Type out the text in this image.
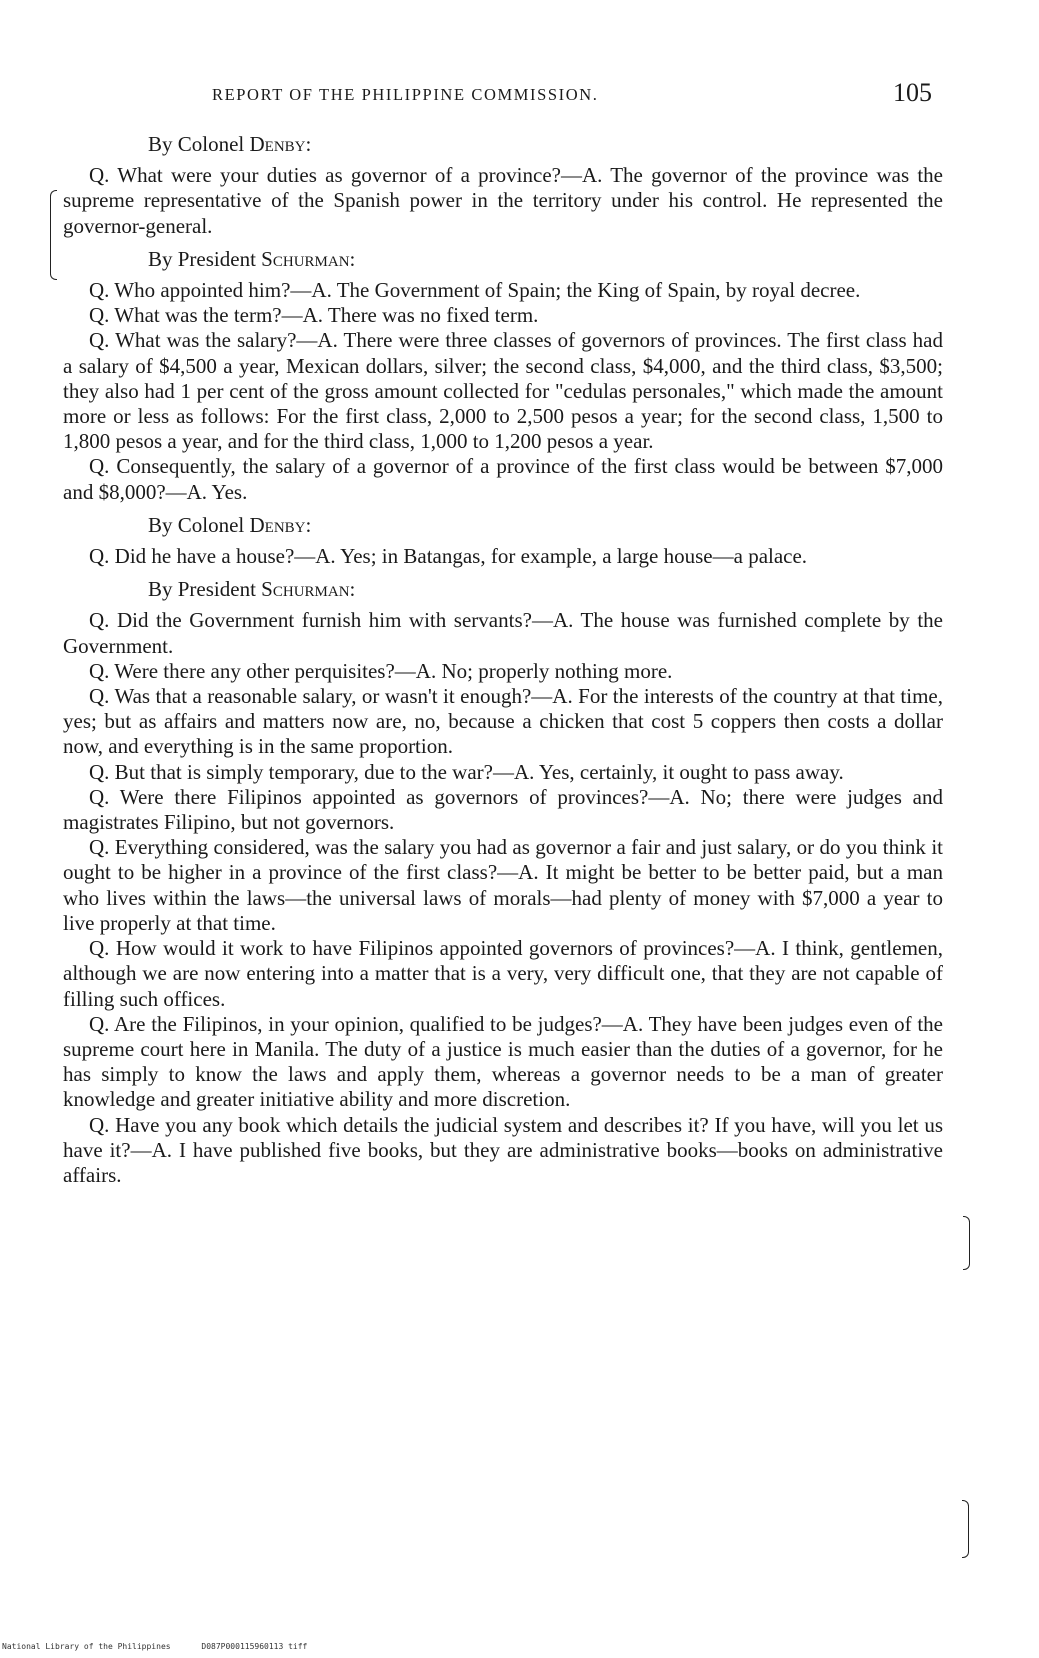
REPORT OF THE PHILIPPINE COMMISSION.	105

By Colonel Denby:

Q. What were your duties as governor of a province?—A. The governor of the province was the supreme representative of the Spanish power in the territory under his control. He represented the governor-general.

By President Schurman:

Q. Who appointed him?—A. The Government of Spain; the King of Spain, by royal decree.

Q. What was the term?—A. There was no fixed term.

Q. What was the salary?—A. There were three classes of governors of provinces. The first class had a salary of $4,500 a year, Mexican dollars, silver; the second class, $4,000, and the third class, $3,500; they also had 1 per cent of the gross amount collected for "cedulas personales," which made the amount more or less as follows: For the first class, 2,000 to 2,500 pesos a year; for the second class, 1,500 to 1,800 pesos a year, and for the third class, 1,000 to 1,200 pesos a year.

Q. Consequently, the salary of a governor of a province of the first class would be between $7,000 and $8,000?—A. Yes.

By Colonel Denby:

Q. Did he have a house?—A. Yes; in Batangas, for example, a large house—a palace.

By President Schurman:

Q. Did the Government furnish him with servants?—A. The house was furnished complete by the Government.

Q. Were there any other perquisites?—A. No; properly nothing more.

Q. Was that a reasonable salary, or wasn't it enough?—A. For the interests of the country at that time, yes; but as affairs and matters now are, no, because a chicken that cost 5 coppers then costs a dollar now, and everything is in the same proportion.

Q. But that is simply temporary, due to the war?—A. Yes, certainly, it ought to pass away.

Q. Were there Filipinos appointed as governors of provinces?—A. No; there were judges and magistrates Filipino, but not governors.

Q. Everything considered, was the salary you had as governor a fair and just salary, or do you think it ought to be higher in a province of the first class?—A. It might be better to be better paid, but a man who lives within the laws—the universal laws of morals—had plenty of money with $7,000 a year to live properly at that time.

Q. How would it work to have Filipinos appointed governors of provinces?—A. I think, gentlemen, although we are now entering into a matter that is a very, very difficult one, that they are not capable of filling such offices.

Q. Are the Filipinos, in your opinion, qualified to be judges?—A. They have been judges even of the supreme court here in Manila. The duty of a justice is much easier than the duties of a governor, for he has simply to know the laws and apply them, whereas a governor needs to be a man of greater knowledge and greater initiative ability and more discretion.

Q. Have you any book which details the judicial system and describes it? If you have, will you let us have it?—A. I have published five books, but they are administrative books—books on administrative affairs.

National Library of the Philippines	D087P000115960113 tiff
